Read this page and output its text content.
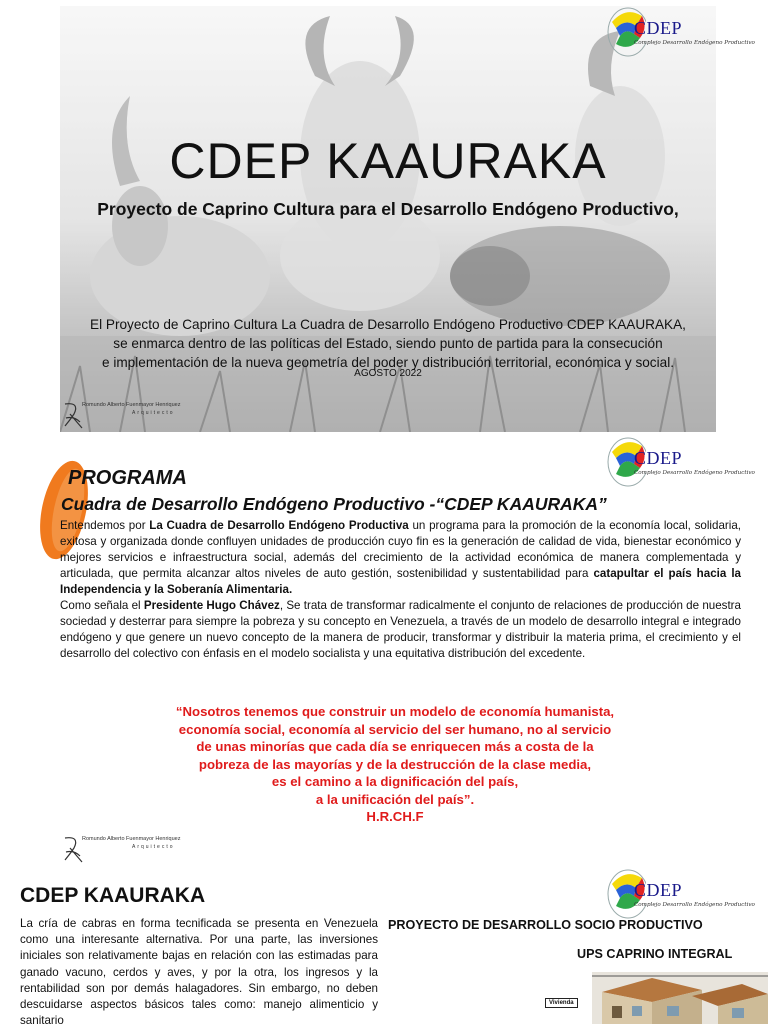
CDEP KAAURAKA
Proyecto de Caprino Cultura para el Desarrollo Endógeno Productivo,
El Proyecto de Caprino Cultura La Cuadra de Desarrollo Endógeno Productivo CDEP KAAURAKA,
se enmarca dentro de las políticas del Estado, siendo punto de partida para la consecución
e implementación de la nueva geometría del poder y distribución territorial, económica y social.
AGOSTO 2022
Romundo Alberto Fuenmayor Henriquez
Arquitecto
CDEP
Complejo Desarrollo Endógeno Productivo
PROGRAMA
Cuadra de Desarrollo Endógeno Productivo -“CDEP KAAURAKA”
CDEP
Complejo Desarrollo Endógeno Productivo

Entendemos por La Cuadra de Desarrollo Endógeno Productiva un programa para la promoción de la economía local, solidaria, exitosa y organizada donde confluyen unidades de producción cuyo fin es la generación de calidad de vida, bienestar económico y mejores servicios e infraestructura social, además del crecimiento de la actividad económica de manera complementada y articulada, que permita alcanzar altos niveles de auto gestión, sostenibilidad y sustentabilidad para catapultar el país hacia la Independencia y la Soberanía Alimentaria.

Como señala el Presidente Hugo Chávez, Se trata de transformar radicalmente el conjunto de relaciones de producción de nuestra sociedad y desterrar para siempre la pobreza y su concepto en Venezuela, a través de un modelo de desarrollo integral e integrado endógeno y que genere un nuevo concepto de la manera de producir, transformar y distribuir la materia prima, el crecimiento y el desarrollo del colectivo con énfasis en el modelo socialista y una equitativa distribución del excedente.

“Nosotros tenemos que construir un modelo de economía humanista,
economía social, economía al servicio del ser humano, no al servicio
de unas minorías que cada día se enriquecen más a costa de la
pobreza de las mayorías y de la destrucción de la clase media,
es el camino a la dignificación del país,
a la unificación del país”.
H.R.CH.F
Romundo Alberto Fuenmayor Henriquez
Arquitecto
CDEP KAAURAKA	CDEP
Complejo Desarrollo Endógeno Productivo
La cría de cabras en forma tecnificada se presenta en Venezuela como una interesante alternativa. Por una parte, las inversiones iniciales son relativamente bajas en relación con las estimadas para ganado vacuno, cerdos y aves, y por la otra, los ingresos y la rentabilidad son por demás halagadores. Sin embargo, no deben descuidarse aspectos básicos tales como: manejo alimenticio y sanitario
PROYECTO DE DESARROLLO SOCIO PRODUCTIVO
UPS CAPRINO INTEGRAL
Vivienda
